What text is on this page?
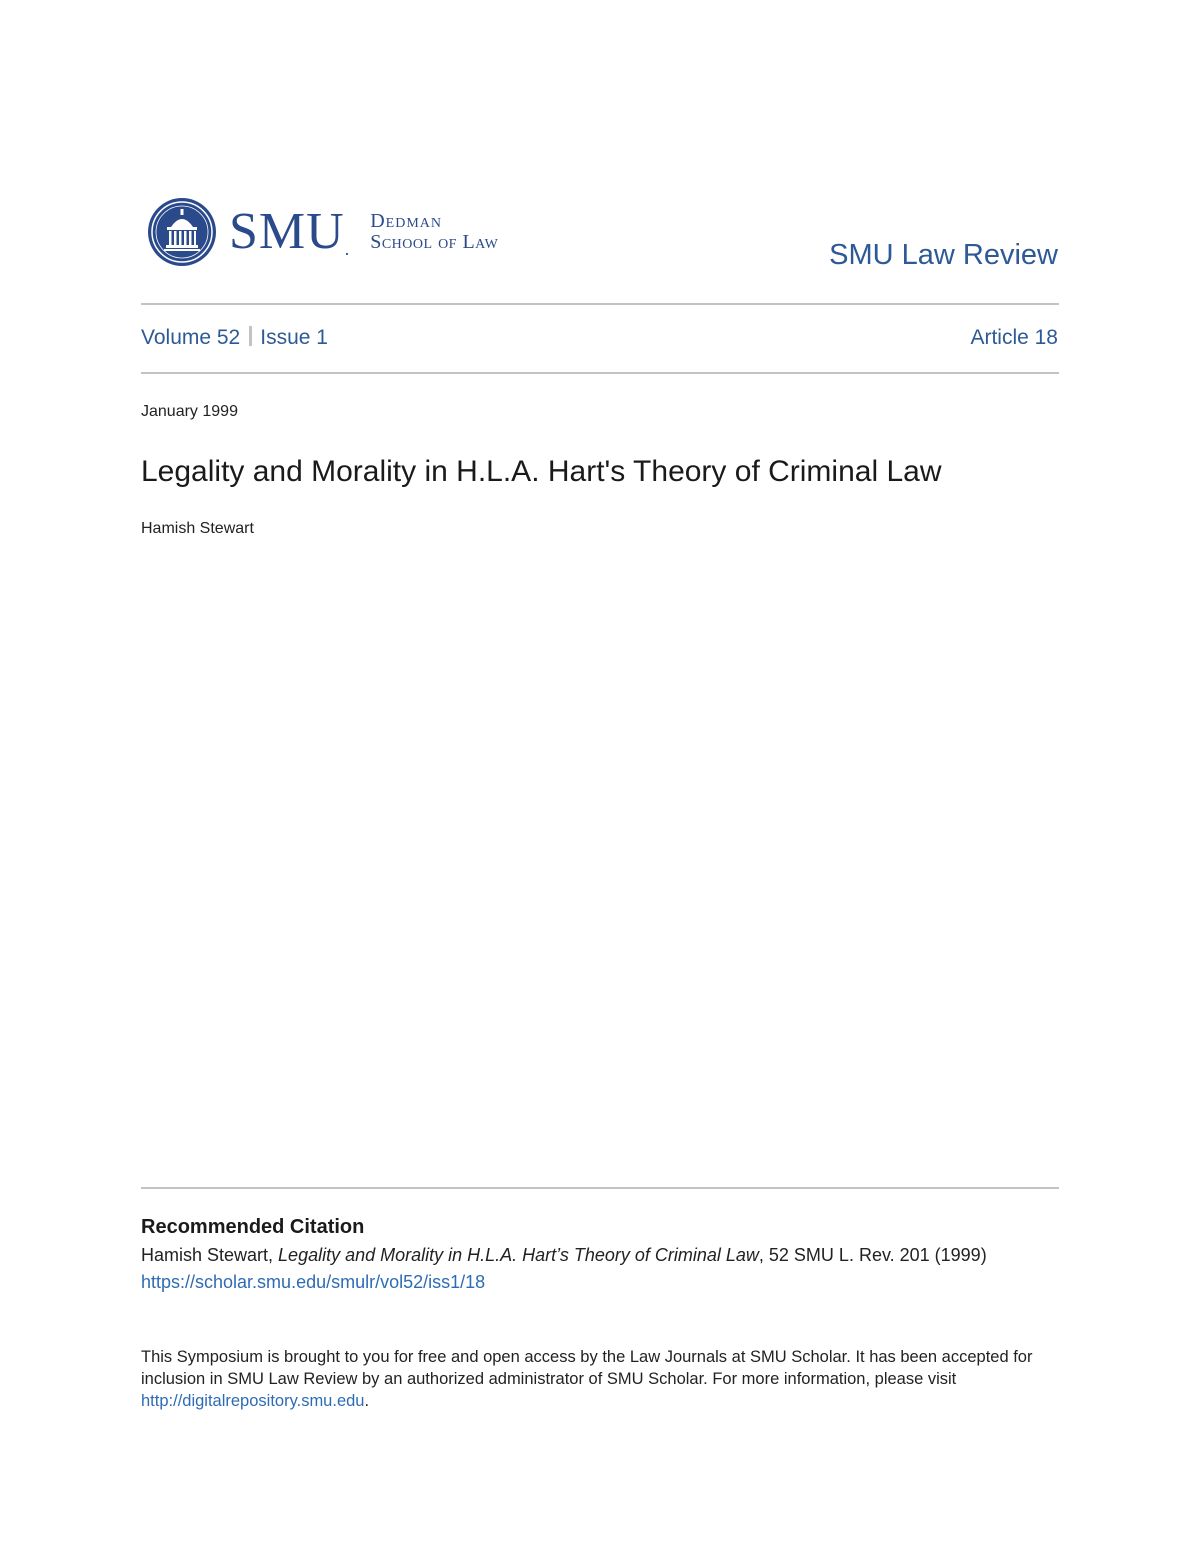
SMU.
Dedman
School of Law	SMU Law Review
Volume 52 Issue 1	Article 18
January 1999
Legality and Morality in H.L.A. Hart's Theory of Criminal Law
Hamish Stewart
Recommended Citation
Hamish Stewart, Legality and Morality in H.L.A. Hart’s Theory of Criminal Law, 52 SMU L. Rev. 201 (1999)
https://scholar.smu.edu/smulr/vol52/iss1/18
This Symposium is brought to you for free and open access by the Law Journals at SMU Scholar. It has been accepted for inclusion in SMU Law Review by an authorized administrator of SMU Scholar. For more information, please visit http://digitalrepository.smu.edu.
